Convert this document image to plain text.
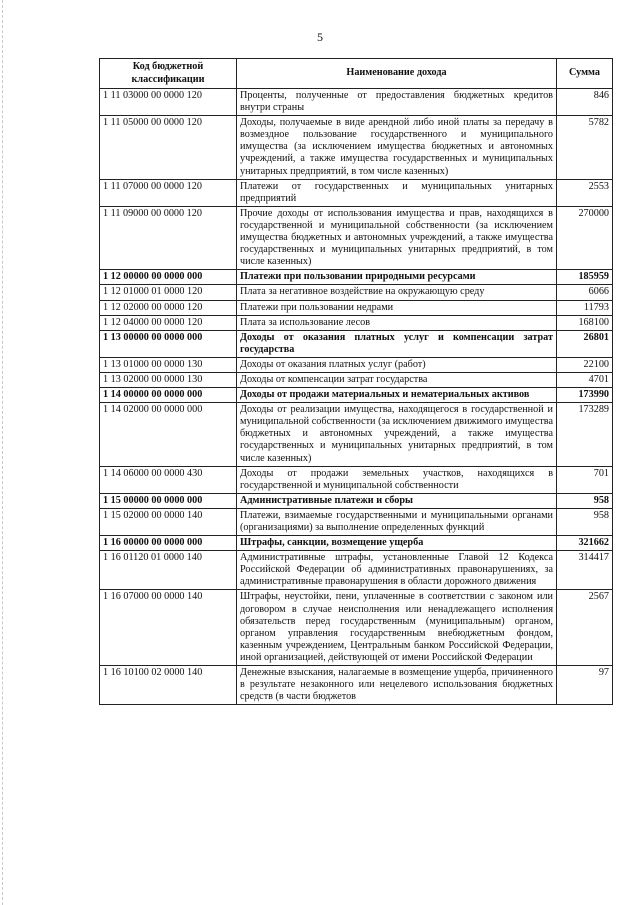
5
Код бюджетной классификации	Наименование дохода	Сумма
1 11 03000 00 0000 120	Проценты, полученные от предоставления бюджетных кредитов внутри страны	846
1 11 05000 00 0000 120	Доходы, получаемые в виде арендной либо иной платы за передачу в возмездное пользование государственного и муниципального имущества (за исключением имущества бюджетных и автономных учреждений, а также имущества государственных и муниципальных унитарных предприятий, в том числе казенных)	5782
1 11 07000 00 0000 120	Платежи от государственных и муниципальных унитарных предприятий	2553
1 11 09000 00 0000 120	Прочие доходы от использования имущества и прав, находящихся в государственной и муниципальной собственности (за исключением имущества бюджетных и автономных учреждений, а также имущества государственных и муниципальных унитарных предприятий, в том числе казенных)	270000
1 12 00000 00 0000 000	Платежи при пользовании природными ресурсами	185959
1 12 01000 01 0000 120	Плата за негативное воздействие на окружающую среду	6066
1 12 02000 00 0000 120	Платежи при пользовании недрами	11793
1 12 04000 00 0000 120	Плата за использование лесов	168100
1 13 00000 00 0000 000	Доходы от оказания платных услуг и компенсации затрат государства	26801
1 13 01000 00 0000 130	Доходы от оказания платных услуг (работ)	22100
1 13 02000 00 0000 130	Доходы от компенсации затрат государства	4701
1 14 00000 00 0000 000	Доходы от продажи материальных и нематериальных активов	173990
1 14 02000 00 0000 000	Доходы от реализации имущества, находящегося в государственной и муниципальной собственности (за исключением движимого имущества бюджетных и автономных учреждений, а также имущества государственных и муниципальных унитарных предприятий, в том числе казенных)	173289
1 14 06000 00 0000 430	Доходы от продажи земельных участков, находящихся в государственной и муниципальной собственности	701
1 15 00000 00 0000 000	Административные платежи и сборы	958
1 15 02000 00 0000 140	Платежи, взимаемые государственными и муниципальными органами (организациями) за выполнение определенных функций	958
1 16 00000 00 0000 000	Штрафы, санкции, возмещение ущерба	321662
1 16 01120 01 0000 140	Административные штрафы, установленные Главой 12 Кодекса Российской Федерации об административных правонарушениях, за административные правонарушения в области дорожного движения	314417
1 16 07000 00 0000 140	Штрафы, неустойки, пени, уплаченные в соответствии с законом или договором в случае неисполнения или ненадлежащего исполнения обязательств перед государственным (муниципальным) органом, органом управления государственным внебюджетным фондом, казенным учреждением, Центральным банком Российской Федерации, иной организацией, действующей от имени Российской Федерации	2567
1 16 10100 02 0000 140	Денежные взыскания, налагаемые в возмещение ущерба, причиненного в результате незаконного или нецелевого использования бюджетных средств (в части бюджетов	97
